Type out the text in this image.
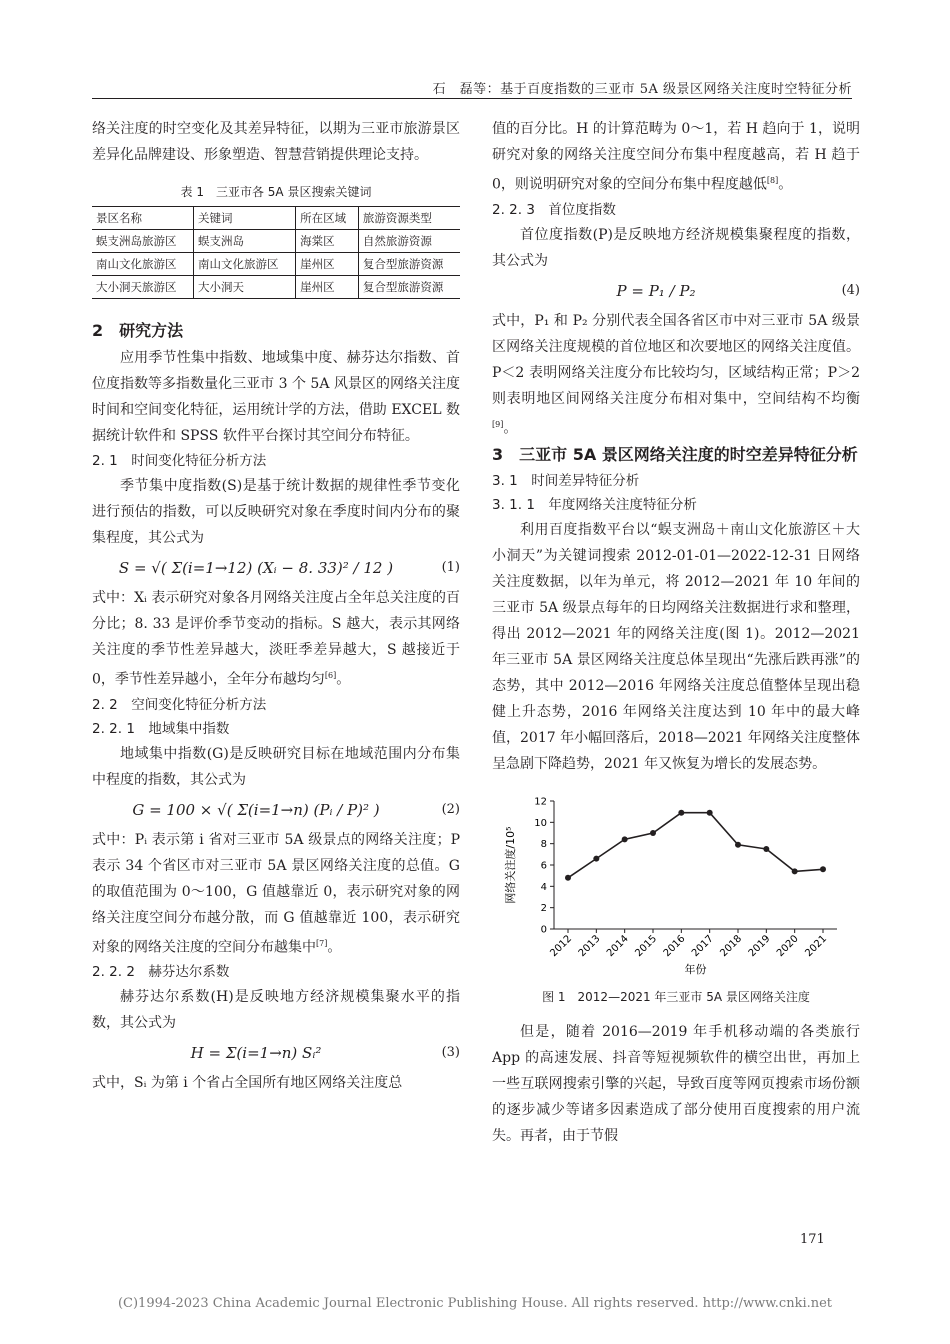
石　磊等：基于百度指数的三亚市 5A 级景区网络关注度时空特征分析

络关注度的时空变化及其差异特征，以期为三亚市旅游景区差异化品牌建设、形象塑造、智慧营销提供理论支持。

表 1　三亚市各 5A 景区搜索关键词
景区名称	关键词	所在区域	旅游资源类型
蜈支洲岛旅游区	蜈支洲岛	海棠区	自然旅游资源
南山文化旅游区	南山文化旅游区	崖州区	复合型旅游资源
大小洞天旅游区	大小洞天	崖州区	复合型旅游资源

2　研究方法

应用季节性集中指数、地域集中度、赫芬达尔指数、首位度指数等多指数量化三亚市 3 个 5A 风景区的网络关注度时间和空间变化特征，运用统计学的方法，借助 EXCEL 数据统计软件和 SPSS 软件平台探讨其空间分布特征。

2. 1　时间变化特征分析方法

季节集中度指数(S)是基于统计数据的规律性季节变化进行预估的指数，可以反映研究对象在季度时间内分布的聚集程度，其公式为

S = √( Σ(i=1→12) (Xᵢ − 8. 33)² / 12 )	(1)

式中：Xᵢ 表示研究对象各月网络关注度占全年总关注度的百分比；8. 33 是评价季节变动的指标。S 越大，表示其网络关注度的季节性差异越大，淡旺季差异越大，S 越接近于 0，季节性差异越小，全年分布越均匀[6]。

2. 2　空间变化特征分析方法

2. 2. 1　地域集中指数

地域集中指数(G)是反映研究目标在地域范围内分布集中程度的指数，其公式为

G = 100 × √( Σ(i=1→n) (Pᵢ / P)² )	(2)

式中：Pᵢ 表示第 i 省对三亚市 5A 级景点的网络关注度；P 表示 34 个省区市对三亚市 5A 景区网络关注度的总值。G 的取值范围为 0～100，G 值越靠近 0，表示研究对象的网络关注度空间分布越分散，而 G 值越靠近 100，表示研究对象的网络关注度的空间分布越集中[7]。

2. 2. 2　赫芬达尔系数

赫芬达尔系数(H)是反映地方经济规模集聚水平的指数，其公式为

H = Σ(i=1→n) Sᵢ²	(3)

式中，Sᵢ 为第 i 个省占全国所有地区网络关注度总

值的百分比。H 的计算范畴为 0～1，若 H 趋向于 1，说明研究对象的网络关注度空间分布集中程度越高，若 H 趋于 0，则说明研究对象的空间分布集中程度越低[8]。

2. 2. 3　首位度指数

首位度指数(P)是反映地方经济规模集聚程度的指数，其公式为

P = P₁ / P₂	(4)

式中，P₁ 和 P₂ 分别代表全国各省区市中对三亚市 5A 级景区网络关注度规模的首位地区和次要地区的网络关注度值。P＜2 表明网络关注度分布比较均匀，区域结构正常；P＞2 则表明地区间网络关注度分布相对集中，空间结构不均衡[9]。

3　三亚市 5A 景区网络关注度的时空差异特征分析

3. 1　时间差异特征分析

3. 1. 1　年度网络关注度特征分析

利用百度指数平台以“蜈支洲岛＋南山文化旅游区＋大小洞天”为关键词搜索 2012-01-01—2022-12-31 日网络关注度数据，以年为单元，将 2012—2021 年 10 年间的三亚市 5A 级景点每年的日均网络关注数据进行求和整理，得出 2012—2021 年的网络关注度(图 1)。2012—2021 年三亚市 5A 景区网络关注度总体呈现出“先涨后跌再涨”的态势，其中 2012—2016 年网络关注度总值整体呈现出稳健上升态势，2016 年网络关注度达到 10 年中的最大峰值，2017 年小幅回落后，2018—2021 年网络关注度整体呈急剧下降趋势，2021 年又恢复为增长的发展态势。

0
2
4
6
8
10
12
2012 2013 2014 2015 2016 2017 2018 2019 2020 2021
年份
网络关注度/10⁵
图 1　2012—2021 年三亚市 5A 景区网络关注度

但是，随着 2016—2019 年手机移动端的各类旅行 App 的高速发展、抖音等短视频软件的横空出世，再加上一些互联网搜索引擎的兴起，导致百度等网页搜索市场份额的逐步减少等诸多因素造成了部分使用百度搜索的用户流失。再者，由于节假

171
(C)1994-2023 China Academic Journal Electronic Publishing House. All rights reserved. http://www.cnki.net
